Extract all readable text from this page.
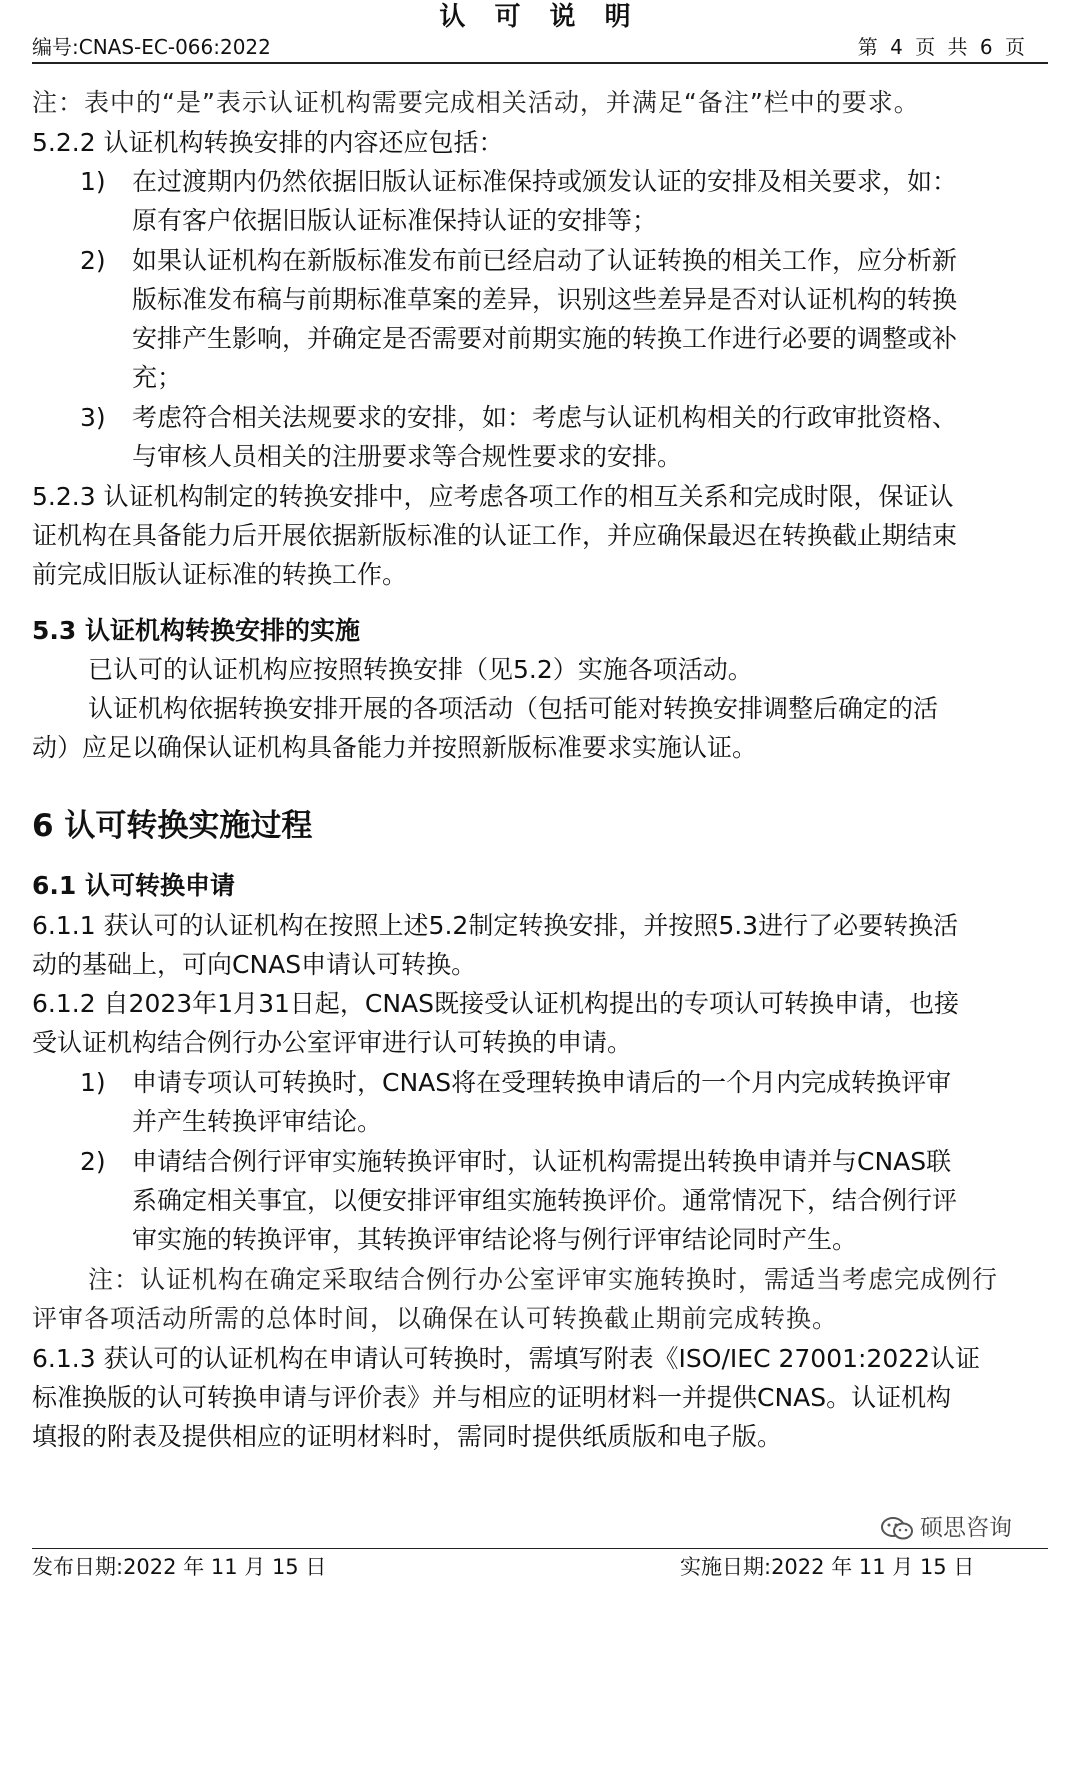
认 可 说 明
编号:CNAS-EC-066:2022	第 4 页 共 6 页
注：表中的“是”表示认证机构需要完成相关活动，并满足“备注”栏中的要求。
5.2.2 认证机构转换安排的内容还应包括：
1) 在过渡期内仍然依据旧版认证标准保持或颁发认证的安排及相关要求，如：
原有客户依据旧版认证标准保持认证的安排等；
2) 如果认证机构在新版标准发布前已经启动了认证转换的相关工作，应分析新
版标准发布稿与前期标准草案的差异，识别这些差异是否对认证机构的转换
安排产生影响，并确定是否需要对前期实施的转换工作进行必要的调整或补
充；
3) 考虑符合相关法规要求的安排，如：考虑与认证机构相关的行政审批资格、
与审核人员相关的注册要求等合规性要求的安排。
5.2.3 认证机构制定的转换安排中，应考虑各项工作的相互关系和完成时限，保证认
证机构在具备能力后开展依据新版标准的认证工作，并应确保最迟在转换截止期结束
前完成旧版认证标准的转换工作。
5.3 认证机构转换安排的实施
已认可的认证机构应按照转换安排（见5.2）实施各项活动。
认证机构依据转换安排开展的各项活动（包括可能对转换安排调整后确定的活
动）应足以确保认证机构具备能力并按照新版标准要求实施认证。
6 认可转换实施过程
6.1 认可转换申请
6.1.1 获认可的认证机构在按照上述5.2制定转换安排，并按照5.3进行了必要转换活
动的基础上，可向CNAS申请认可转换。
6.1.2 自2023年1月31日起，CNAS既接受认证机构提出的专项认可转换申请，也接
受认证机构结合例行办公室评审进行认可转换的申请。
1) 申请专项认可转换时，CNAS将在受理转换申请后的一个月内完成转换评审
并产生转换评审结论。
2) 申请结合例行评审实施转换评审时，认证机构需提出转换申请并与CNAS联
系确定相关事宜，以便安排评审组实施转换评价。通常情况下，结合例行评
审实施的转换评审，其转换评审结论将与例行评审结论同时产生。
注：认证机构在确定采取结合例行办公室评审实施转换时，需适当考虑完成例行
评审各项活动所需的总体时间，以确保在认可转换截止期前完成转换。
6.1.3 获认可的认证机构在申请认可转换时，需填写附表《ISO/IEC 27001:2022认证
标准换版的认可转换申请与评价表》并与相应的证明材料一并提供CNAS。认证机构
填报的附表及提供相应的证明材料时，需同时提供纸质版和电子版。
硕思咨询
发布日期:2022 年 11 月 15 日	实施日期:2022 年 11 月 15 日
